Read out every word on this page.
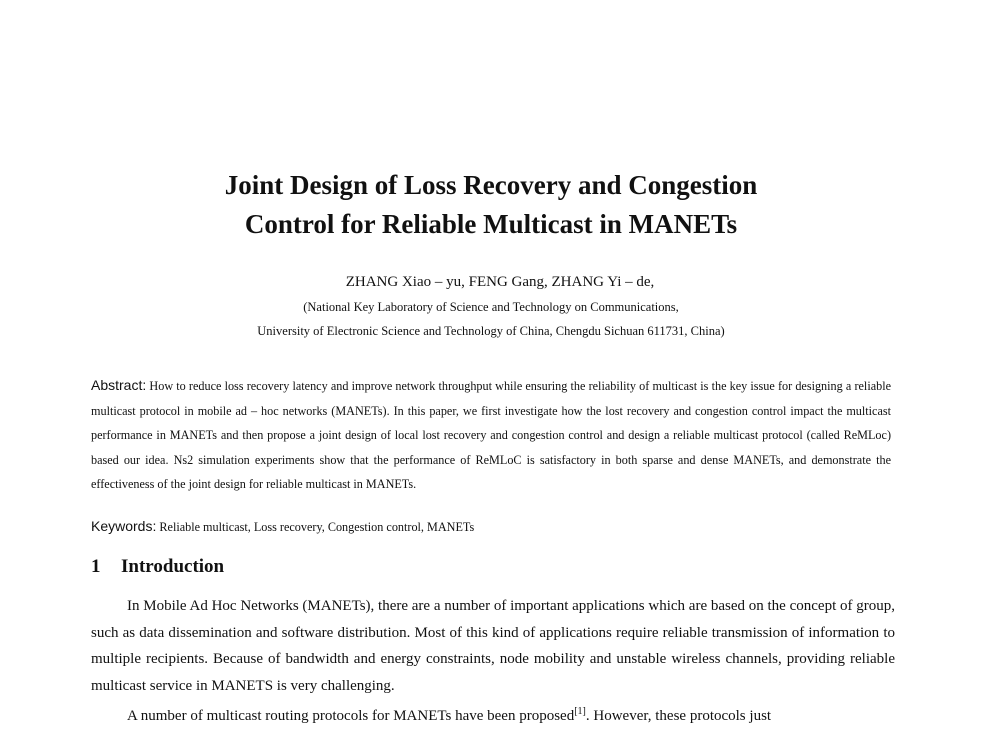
Joint Design of Loss Recovery and Congestion
Control for Reliable Multicast in MANETs

ZHANG Xiao – yu, FENG Gang, ZHANG Yi – de,

(National Key Laboratory of Science and Technology on Communications,

University of Electronic Science and Technology of China, Chengdu Sichuan 611731, China)

Abstract: How to reduce loss recovery latency and improve network throughput while ensuring the reliability of multicast is the key issue for designing a reliable multicast protocol in mobile ad – hoc networks (MANETs). In this paper, we first investigate how the lost recovery and congestion control impact the multicast performance in MANETs and then propose a joint design of local lost recovery and congestion control and design a reliable multicast protocol (called ReMLoc) based our idea. Ns2 simulation experiments show that the performance of ReMLoC is satisfactory in both sparse and dense MANETs, and demonstrate the effectiveness of the joint design for reliable multicast in MANETs.

Keywords: Reliable multicast, Loss recovery, Congestion control, MANETs

1 Introduction

In Mobile Ad Hoc Networks (MANETs), there are a number of important applications which are based on the concept of group, such as data dissemination and software distribution. Most of this kind of applications require reliable transmission of information to multiple recipients. Because of bandwidth and energy constraints, node mobility and unstable wireless channels, providing reliable multicast service in MANETS is very challenging.

A number of multicast routing protocols for MANETs have been proposed[1]. However, these protocols just
